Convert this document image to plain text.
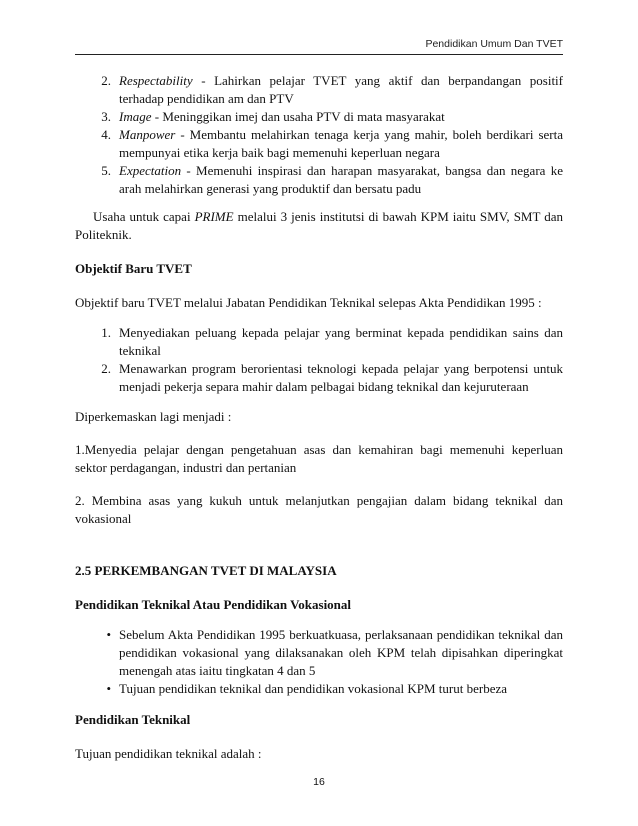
Pendidikan Umum Dan TVET
2. Respectability - Lahirkan pelajar TVET yang aktif dan berpandangan positif terhadap pendidikan am dan PTV
3. Image - Meninggikan imej dan usaha PTV di mata masyarakat
4. Manpower - Membantu melahirkan tenaga kerja yang mahir, boleh berdikari serta mempunyai etika kerja baik bagi memenuhi keperluan negara
5. Expectation - Memenuhi inspirasi dan harapan masyarakat, bangsa dan negara ke arah melahirkan generasi yang produktif dan bersatu padu

Usaha untuk capai PRIME melalui 3 jenis institutsi di bawah KPM iaitu SMV, SMT dan Politeknik.

Objektif Baru TVET

Objektif baru TVET melalui Jabatan Pendidikan Teknikal selepas Akta Pendidikan 1995 :

1. Menyediakan peluang kepada pelajar yang berminat kepada pendidikan sains dan teknikal
2. Menawarkan program berorientasi teknologi kepada pelajar yang berpotensi untuk menjadi pekerja separa mahir dalam pelbagai bidang teknikal dan kejuruteraan

Diperkemaskan lagi menjadi :

1.Menyedia pelajar dengan pengetahuan asas dan kemahiran bagi memenuhi keperluan sektor perdagangan, industri dan pertanian

2. Membina asas yang kukuh untuk melanjutkan pengajian dalam bidang teknikal dan vokasional

2.5 PERKEMBANGAN TVET DI MALAYSIA

Pendidikan Teknikal Atau Pendidikan Vokasional

• Sebelum Akta Pendidikan 1995 berkuatkuasa, perlaksanaan pendidikan teknikal dan pendidikan vokasional yang dilaksanakan oleh KPM telah dipisahkan diperingkat menengah atas iaitu tingkatan 4 dan 5
• Tujuan pendidikan teknikal dan pendidikan vokasional KPM turut berbeza

Pendidikan Teknikal

Tujuan pendidikan teknikal adalah :

16
